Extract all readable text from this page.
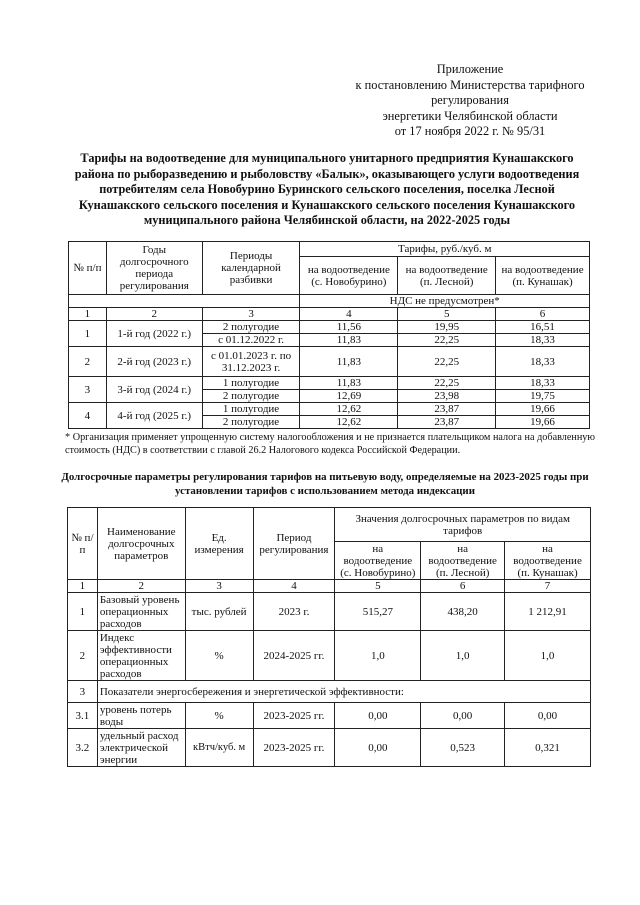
Приложение
к постановлению Министерства тарифного
регулирования
энергетики Челябинской области
от 17 ноября 2022 г. № 95/31
Тарифы на водоотведение для муниципального унитарного предприятия Кунашакского
района по рыборазведению и рыболовству «Балык», оказывающего услуги водоотведения
потребителям села Новобурино Буринского сельского поселения, поселка Лесной
Кунашакского сельского поселения и Кунашакского сельского поселения Кунашакского
муниципального района Челябинской области, на 2022-2025 годы
№ п/п	Годы долгосрочного периода регулирования	Периоды календарной разбивки	Тарифы, руб./куб. м		
			на водоотведение (с. Новобурино)	на водоотведение (п. Лесной)	на водоотведение (п. Кунашак)
			НДС не предусмотрен*		
1	2	3	4	5	6
1	1-й год (2022 г.)	2 полугодие	11,56	19,95	16,51
		с 01.12.2022 г.	11,83	22,25	18,33
2	2-й год (2023 г.)	с 01.01.2023 г. по 31.12.2023 г.	11,83	22,25	18,33
3	3-й год (2024 г.)	1 полугодие	11,83	22,25	18,33
		2 полугодие	12,69	23,98	19,75
4	4-й год (2025 г.)	1 полугодие	12,62	23,87	19,66
		2 полугодие	12,62	23,87	19,66
* Организация применяет упрощенную систему налогообложения и не признается плательщиком налога на добавленную стоимость (НДС) в соответствии с главой 26.2 Налогового кодекса Российской Федерации.
Долгосрочные параметры регулирования тарифов на питьевую воду, определяемые на 2023-2025 годы при
установлении тарифов с использованием метода индексации
№ п/п	Наименование долгосрочных параметров	Ед. измерения	Период регулирования	Значения долгосрочных параметров по видам тарифов		
				на водоотведение (с. Новобурино)	на водоотведение (п. Лесной)	на водоотведение (п. Кунашак)
1	2	3	4	5	6	7
1	Базовый уровень операционных расходов	тыс. рублей	2023 г.	515,27	438,20	1 212,91
2	Индекс эффективности операционных расходов	%	2024-2025 гг.	1,0	1,0	1,0
3	Показатели энергосбережения и энергетической эффективности:					
3.1	уровень потерь воды	%	2023-2025 гг.	0,00	0,00	0,00
3.2	удельный расход электрической энергии	кВтч/куб. м	2023-2025 гг.	0,00	0,523	0,321
